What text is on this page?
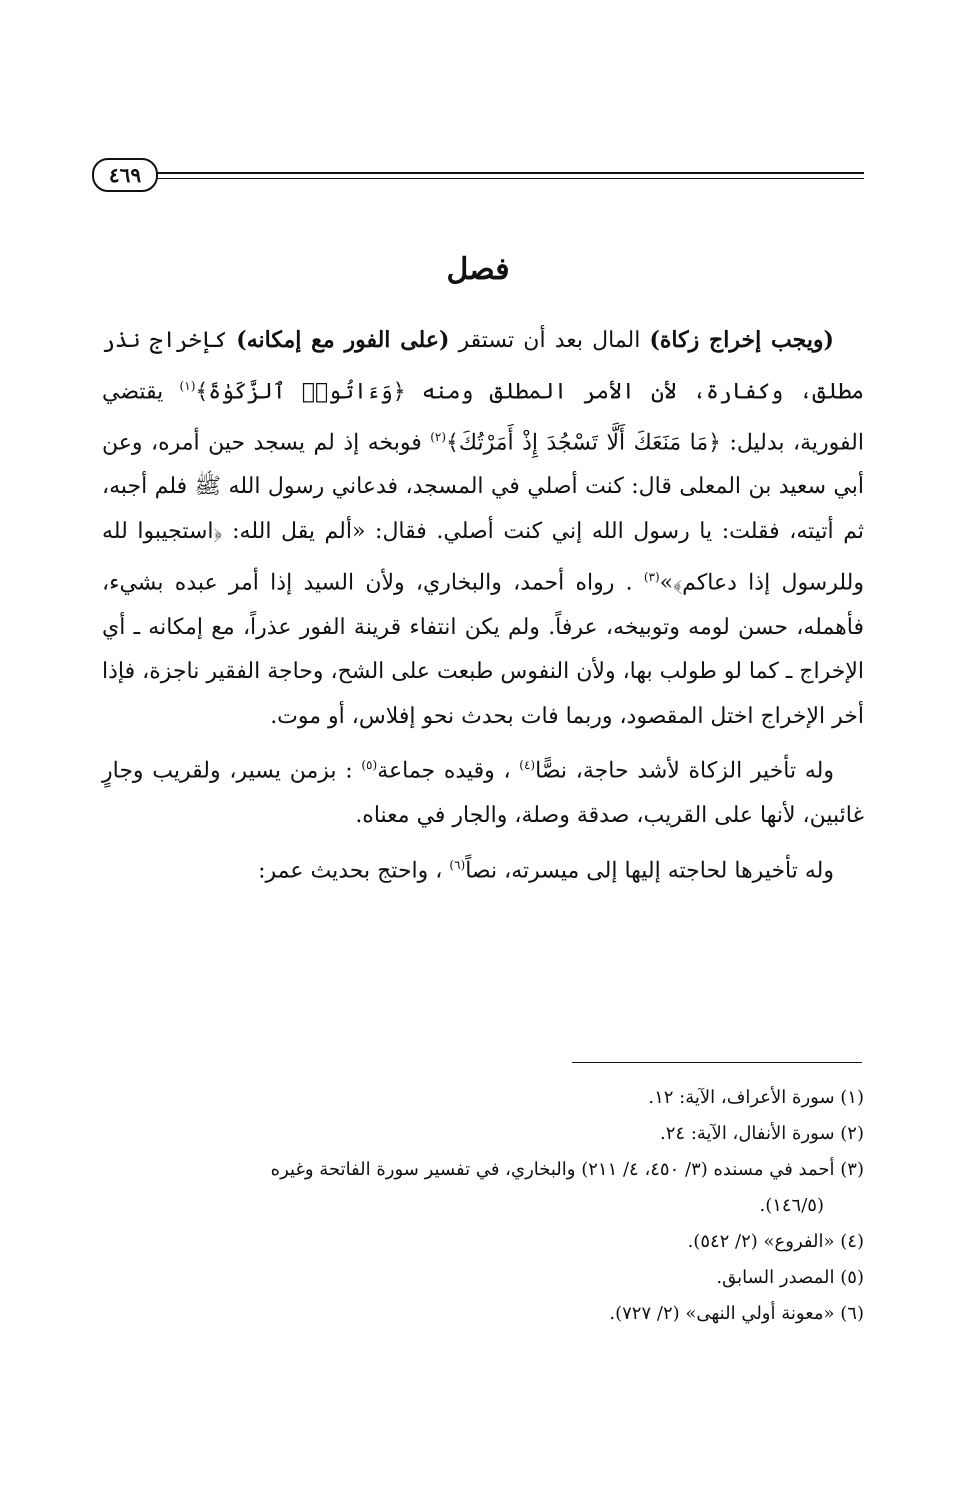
٤٦٩
فصل

(ويجب إخراج زكاة) المال بعد أن تستقر (على الفور مع إمكانه) كإخراج نذر مطلق، وكفارة، لأن الأمر المطلق ومنه ﴿وَءَاتُوا۟ ٱلزَّكَوٰةَ﴾$^{(١)}$ يقتضي الفورية، بدليل: ﴿مَا مَنَعَكَ أَلَّا تَسْجُدَ إِذْ أَمَرْتُكَ﴾$^{(٢)}$ فوبخه إذ لم يسجد حين أمره، وعن أبي سعيد بن المعلى قال: كنت أصلي في المسجد، فدعاني رسول الله ﷺ فلم أجبه، ثم أتيته، فقلت: يا رسول الله إني كنت أصلي. فقال: «ألم يقل الله: ﴿استجيبوا لله وللرسول إذا دعاكم﴾»$^{(٣)}$ . رواه أحمد، والبخاري، ولأن السيد إذا أمر عبده بشيء، فأهمله، حسن لومه وتوبيخه، عرفاً. ولم يكن انتفاء قرينة الفور عذراً، مع إمكانه ـ أي الإخراج ـ كما لو طولب بها، ولأن النفوس طبعت على الشح، وحاجة الفقير ناجزة، فإذا أخر الإخراج اختل المقصود، وربما فات بحدث نحو إفلاس، أو موت.

وله تأخير الزكاة لأشد حاجة، نصًّا$^{(٤)}$ ، وقيده جماعة$^{(٥)}$ : بزمن يسير، ولقريب وجارٍ غائبين، لأنها على القريب، صدقة وصلة، والجار في معناه.

وله تأخيرها لحاجته إليها إلى ميسرته، نصاً$^{(٦)}$ ، واحتج بحديث عمر:

(١) سورة الأعراف، الآية: ١٢.

(٢) سورة الأنفال، الآية: ٢٤.

(٣) أحمد في مسنده (٣/ ٤٥٠، ٤/ ٢١١) والبخاري، في تفسير سورة الفاتحة وغيره
(١٤٦/٥).

(٤) «الفروع» (٢/ ٥٤٢).

(٥) المصدر السابق.

(٦) «معونة أولي النهى» (٢/ ٧٢٧).
